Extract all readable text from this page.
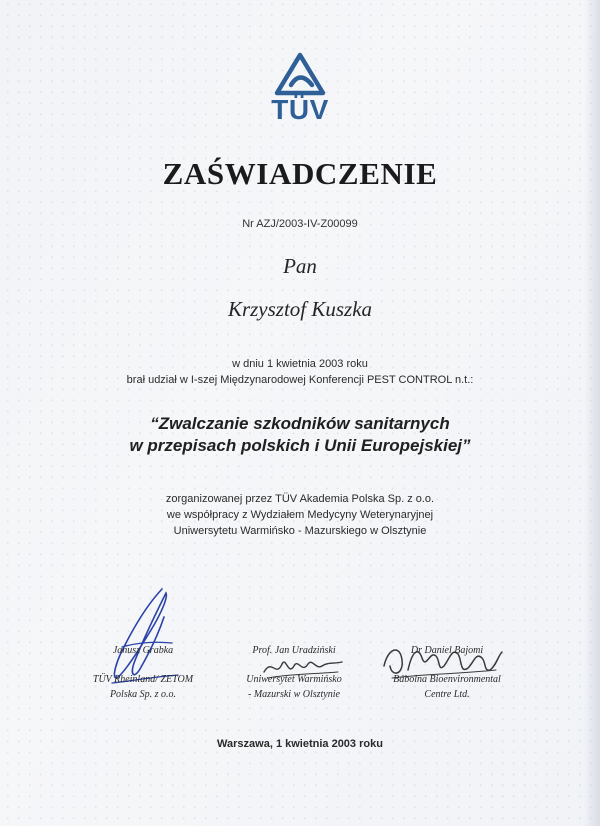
TÜV
ZAŚWIADCZENIE
Nr AZJ/2003-IV-Z00099
Pan
Krzysztof Kuszka
w dniu 1 kwietnia 2003 roku
brał udział w I-szej Międzynarodowej Konferencji PEST CONTROL n.t.:
“Zwalczanie szkodników sanitarnych
w przepisach polskich i Unii Europejskiej”
zorganizowanej przez TÜV Akademia Polska Sp. z o.o.
we współpracy z Wydziałem Medycyny Weterynaryjnej
Uniwersytetu Warmińsko - Mazurskiego w Olsztynie
Janusz Grabka
TÜV Rheinland/ ZETOM
Polska Sp. z o.o.
Prof. Jan Uradziński
Uniwersytet Warmińsko
- Mazurski w Olsztynie
Dr Daniel Bajomi
Bábolna Bioenvironmental
Centre Ltd.
Warszawa, 1 kwietnia 2003 roku
